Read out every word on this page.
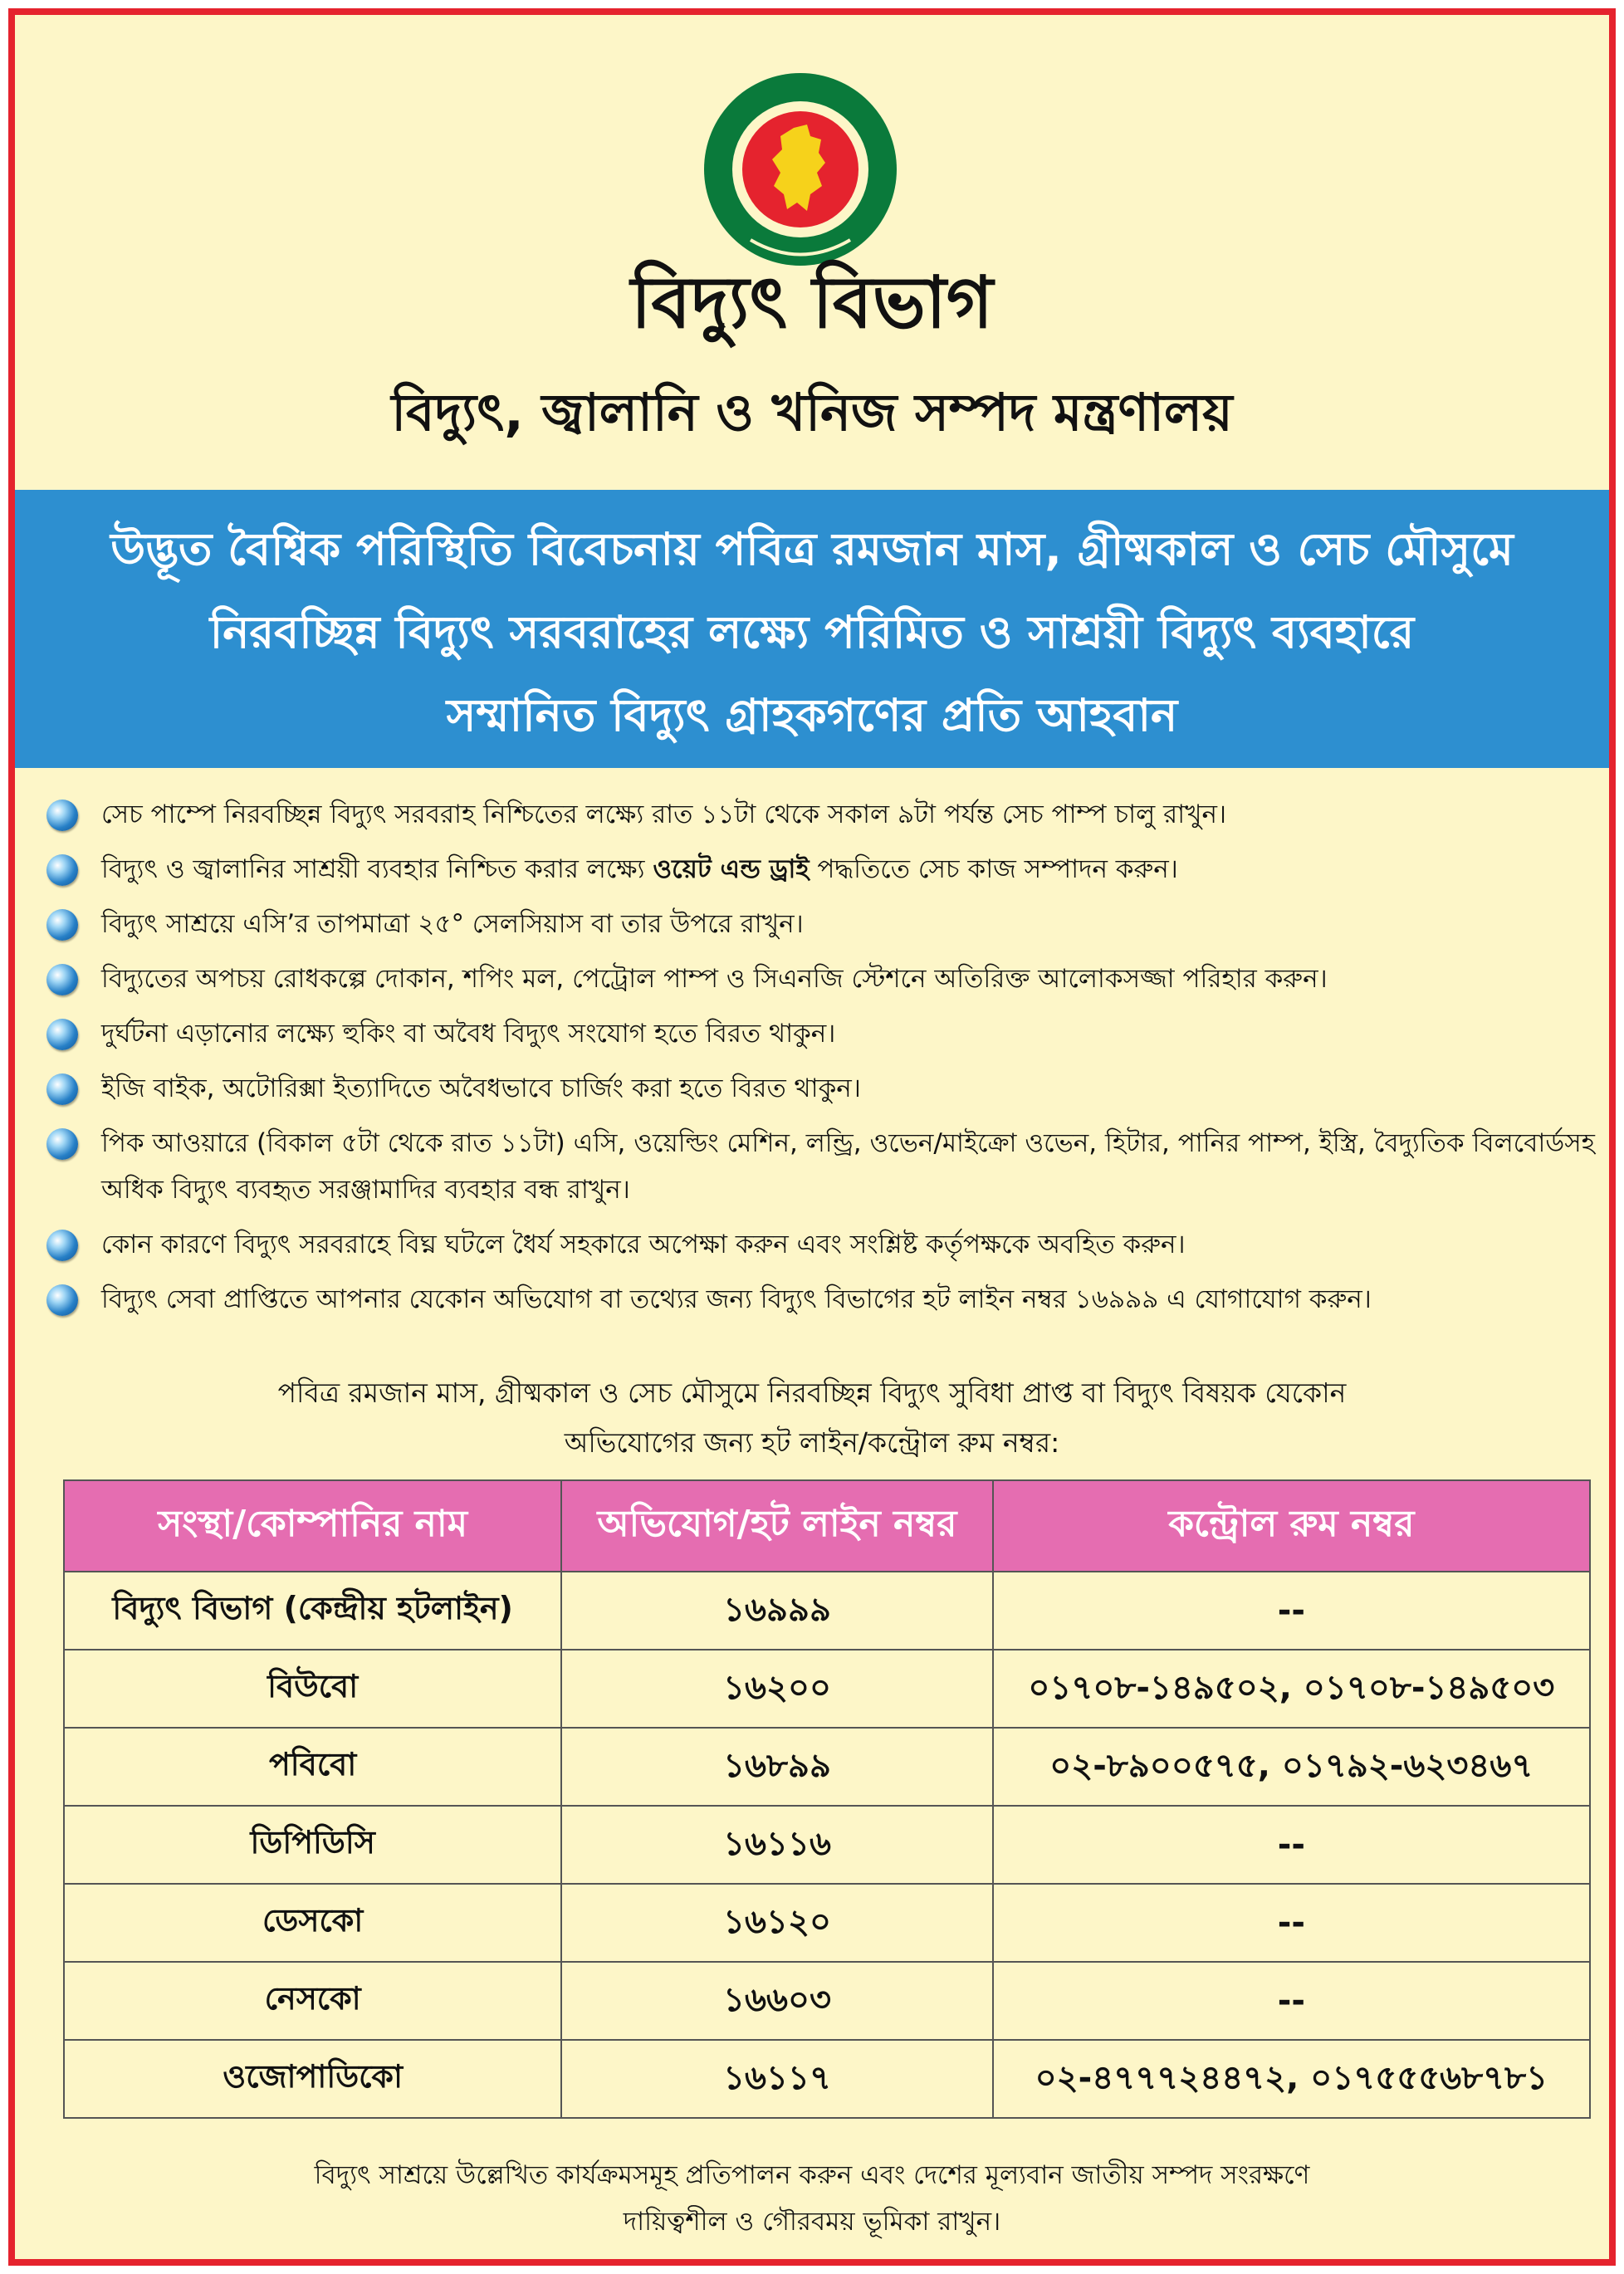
বিদ্যুৎ বিভাগ
বিদ্যুৎ, জ্বালানি ও খনিজ সম্পদ মন্ত্রণালয়
উদ্ভূত বৈশ্বিক পরিস্থিতি বিবেচনায় পবিত্র রমজান মাস, গ্রীষ্মকাল ও সেচ মৌসুমে
নিরবচ্ছিন্ন বিদ্যুৎ সরবরাহের লক্ষ্যে পরিমিত ও সাশ্রয়ী বিদ্যুৎ ব্যবহারে
সম্মানিত বিদ্যুৎ গ্রাহকগণের প্রতি আহবান
সেচ পাম্পে নিরবচ্ছিন্ন বিদ্যুৎ সরবরাহ নিশ্চিতের লক্ষ্যে রাত ১১টা থেকে সকাল ৯টা পর্যন্ত সেচ পাম্প চালু রাখুন।
বিদ্যুৎ ও জ্বালানির সাশ্রয়ী ব্যবহার নিশ্চিত করার লক্ষ্যে ওয়েট এন্ড ড্রাই পদ্ধতিতে সেচ কাজ সম্পাদন করুন।
বিদ্যুৎ সাশ্রয়ে এসি’র তাপমাত্রা ২৫° সেলসিয়াস বা তার উপরে রাখুন।
বিদ্যুতের অপচয় রোধকল্পে দোকান, শপিং মল, পেট্রোল পাম্প ও সিএনজি স্টেশনে অতিরিক্ত আলোকসজ্জা পরিহার করুন।
দুর্ঘটনা এড়ানোর লক্ষ্যে হুকিং বা অবৈধ বিদ্যুৎ সংযোগ হতে বিরত থাকুন।
ইজি বাইক, অটোরিক্সা ইত্যাদিতে অবৈধভাবে চার্জিং করা হতে বিরত থাকুন।
পিক আওয়ারে (বিকাল ৫টা থেকে রাত ১১টা) এসি, ওয়েল্ডিং মেশিন, লন্ড্রি, ওভেন/মাইক্রো ওভেন, হিটার, পানির পাম্প, ইস্ত্রি, বৈদ্যুতিক বিলবোর্ডসহ অধিক বিদ্যুৎ ব্যবহৃত সরঞ্জামাদির ব্যবহার বন্ধ রাখুন।
কোন কারণে বিদ্যুৎ সরবরাহে বিঘ্ন ঘটলে ধৈর্য সহকারে অপেক্ষা করুন এবং সংশ্লিষ্ট কর্তৃপক্ষকে অবহিত করুন।
বিদ্যুৎ সেবা প্রাপ্তিতে আপনার যেকোন অভিযোগ বা তথ্যের জন্য বিদ্যুৎ বিভাগের হট লাইন নম্বর ১৬৯৯৯ এ যোগাযোগ করুন।
পবিত্র রমজান মাস, গ্রীষ্মকাল ও সেচ মৌসুমে নিরবচ্ছিন্ন বিদ্যুৎ সুবিধা প্রাপ্ত বা বিদ্যুৎ বিষয়ক যেকোন
অভিযোগের জন্য হট লাইন/কন্ট্রোল রুম নম্বর:
সংস্থা/কোম্পানির নাম	অভিযোগ/হট লাইন নম্বর	কন্ট্রোল রুম নম্বর
বিদ্যুৎ বিভাগ (কেন্দ্রীয় হটলাইন)	১৬৯৯৯	--
বিউবো	১৬২০০	০১৭০৮-১৪৯৫০২, ০১৭০৮-১৪৯৫০৩
পবিবো	১৬৮৯৯	০২-৮৯০০৫৭৫, ০১৭৯২-৬২৩৪৬৭
ডিপিডিসি	১৬১১৬	--
ডেসকো	১৬১২০	--
নেসকো	১৬৬০৩	--
ওজোপাডিকো	১৬১১৭	০২-৪৭৭৭২৪৪৭২, ০১৭৫৫৫৬৮৭৮১
বিদ্যুৎ সাশ্রয়ে উল্লেখিত কার্যক্রমসমূহ প্রতিপালন করুন এবং দেশের মূল্যবান জাতীয় সম্পদ সংরক্ষণে
দায়িত্বশীল ও গৌরবময় ভূমিকা রাখুন।
